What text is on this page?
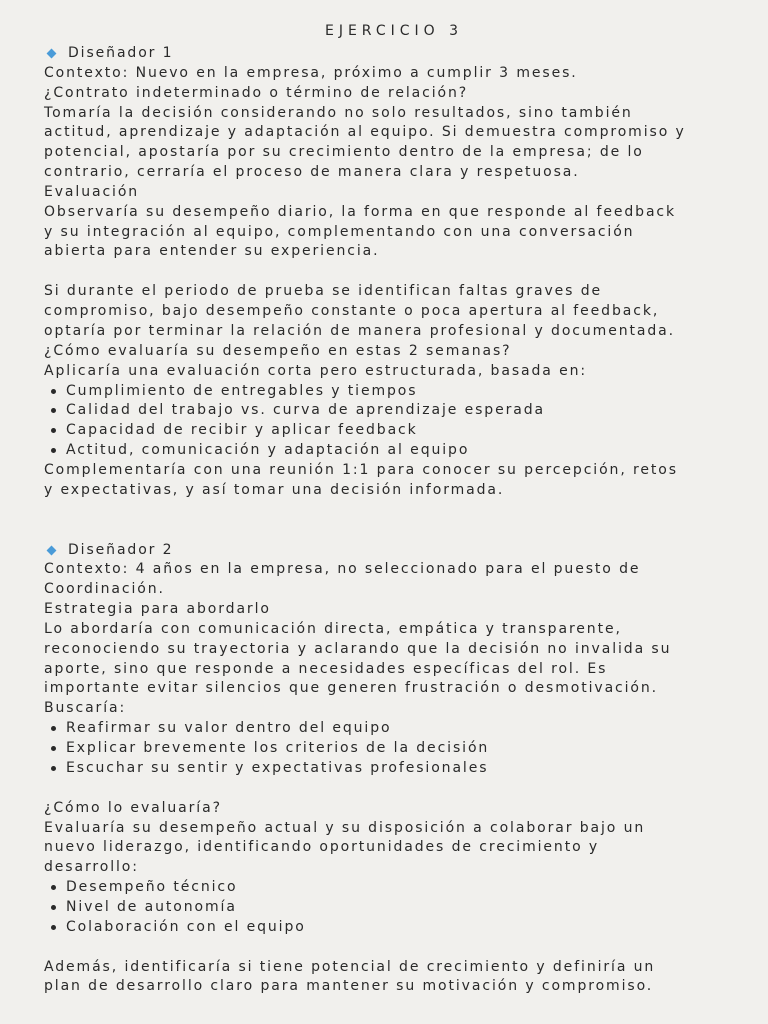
EJERCICIO 3
Diseñador 1
Contexto: Nuevo en la empresa, próximo a cumplir 3 meses.
¿Contrato indeterminado o término de relación?
Tomaría la decisión considerando no solo resultados, sino también
actitud, aprendizaje y adaptación al equipo. Si demuestra compromiso y
potencial, apostaría por su crecimiento dentro de la empresa; de lo
contrario, cerraría el proceso de manera clara y respetuosa.
Evaluación
Observaría su desempeño diario, la forma en que responde al feedback
y su integración al equipo, complementando con una conversación
abierta para entender su experiencia.
Si durante el periodo de prueba se identifican faltas graves de
compromiso, bajo desempeño constante o poca apertura al feedback,
optaría por terminar la relación de manera profesional y documentada.
¿Cómo evaluaría su desempeño en estas 2 semanas?
Aplicaría una evaluación corta pero estructurada, basada en:
Cumplimiento de entregables y tiempos
Calidad del trabajo vs. curva de aprendizaje esperada
Capacidad de recibir y aplicar feedback
Actitud, comunicación y adaptación al equipo
Complementaría con una reunión 1:1 para conocer su percepción, retos
y expectativas, y así tomar una decisión informada.
Diseñador 2
Contexto: 4 años en la empresa, no seleccionado para el puesto de
Coordinación.
Estrategia para abordarlo
Lo abordaría con comunicación directa, empática y transparente,
reconociendo su trayectoria y aclarando que la decisión no invalida su
aporte, sino que responde a necesidades específicas del rol. Es
importante evitar silencios que generen frustración o desmotivación.
Buscaría:
Reafirmar su valor dentro del equipo
Explicar brevemente los criterios de la decisión
Escuchar su sentir y expectativas profesionales
¿Cómo lo evaluaría?
Evaluaría su desempeño actual y su disposición a colaborar bajo un
nuevo liderazgo, identificando oportunidades de crecimiento y
desarrollo:
Desempeño técnico
Nivel de autonomía
Colaboración con el equipo
Además, identificaría si tiene potencial de crecimiento y definiría un
plan de desarrollo claro para mantener su motivación y compromiso.
